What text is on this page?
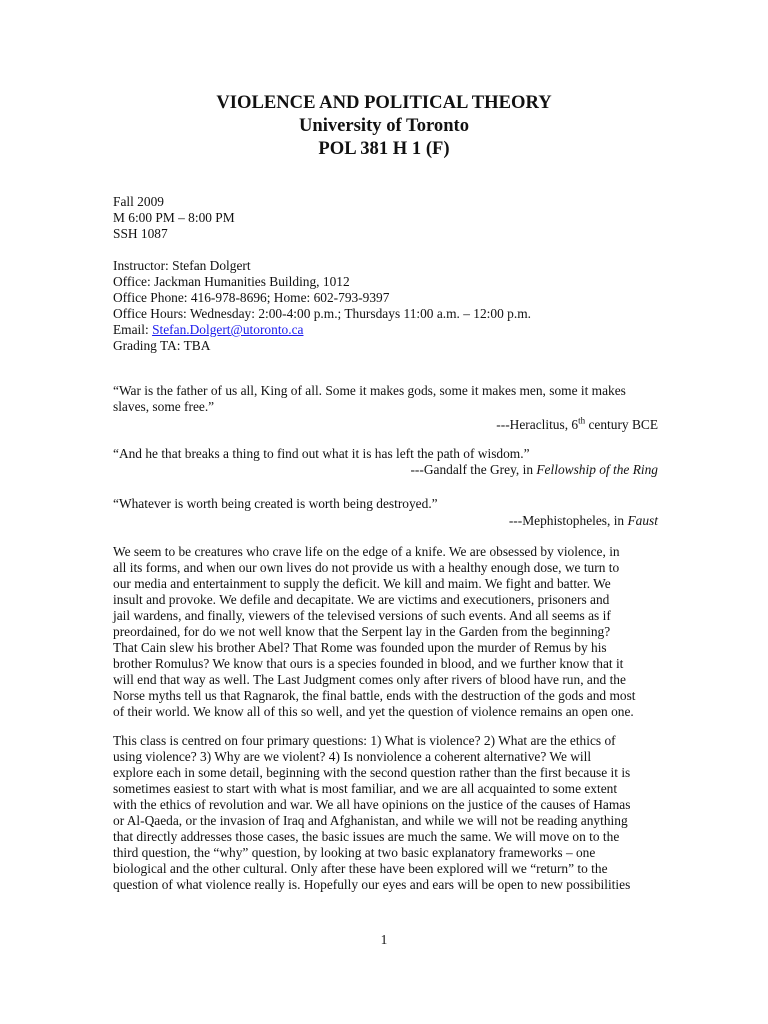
VIOLENCE AND POLITICAL THEORY
University of Toronto
POL 381 H 1 (F)
Fall 2009
M 6:00 PM – 8:00 PM
SSH 1087
Instructor: Stefan Dolgert
Office: Jackman Humanities Building, 1012
Office Phone: 416-978-8696; Home: 602-793-9397
Office Hours: Wednesday: 2:00-4:00 p.m.; Thursdays 11:00 a.m. – 12:00 p.m.
Email: Stefan.Dolgert@utoronto.ca
Grading TA: TBA
“War is the father of us all, King of all. Some it makes gods, some it makes men, some it makes
slaves, some free.”
---Heraclitus, 6th century BCE
“And he that breaks a thing to find out what it is has left the path of wisdom.”
---Gandalf the Grey, in Fellowship of the Ring
“Whatever is worth being created is worth being destroyed.”
---Mephistopheles, in Faust
We seem to be creatures who crave life on the edge of a knife. We are obsessed by violence, in
all its forms, and when our own lives do not provide us with a healthy enough dose, we turn to
our media and entertainment to supply the deficit. We kill and maim. We fight and batter. We
insult and provoke. We defile and decapitate. We are victims and executioners, prisoners and
jail wardens, and finally, viewers of the televised versions of such events. And all seems as if
preordained, for do we not well know that the Serpent lay in the Garden from the beginning?
That Cain slew his brother Abel? That Rome was founded upon the murder of Remus by his
brother Romulus? We know that ours is a species founded in blood, and we further know that it
will end that way as well. The Last Judgment comes only after rivers of blood have run, and the
Norse myths tell us that Ragnarok, the final battle, ends with the destruction of the gods and most
of their world. We know all of this so well, and yet the question of violence remains an open one.
This class is centred on four primary questions: 1) What is violence? 2) What are the ethics of
using violence? 3) Why are we violent? 4) Is nonviolence a coherent alternative? We will
explore each in some detail, beginning with the second question rather than the first because it is
sometimes easiest to start with what is most familiar, and we are all acquainted to some extent
with the ethics of revolution and war. We all have opinions on the justice of the causes of Hamas
or Al-Qaeda, or the invasion of Iraq and Afghanistan, and while we will not be reading anything
that directly addresses those cases, the basic issues are much the same. We will move on to the
third question, the “why” question, by looking at two basic explanatory frameworks – one
biological and the other cultural. Only after these have been explored will we “return” to the
question of what violence really is. Hopefully our eyes and ears will be open to new possibilities
1
